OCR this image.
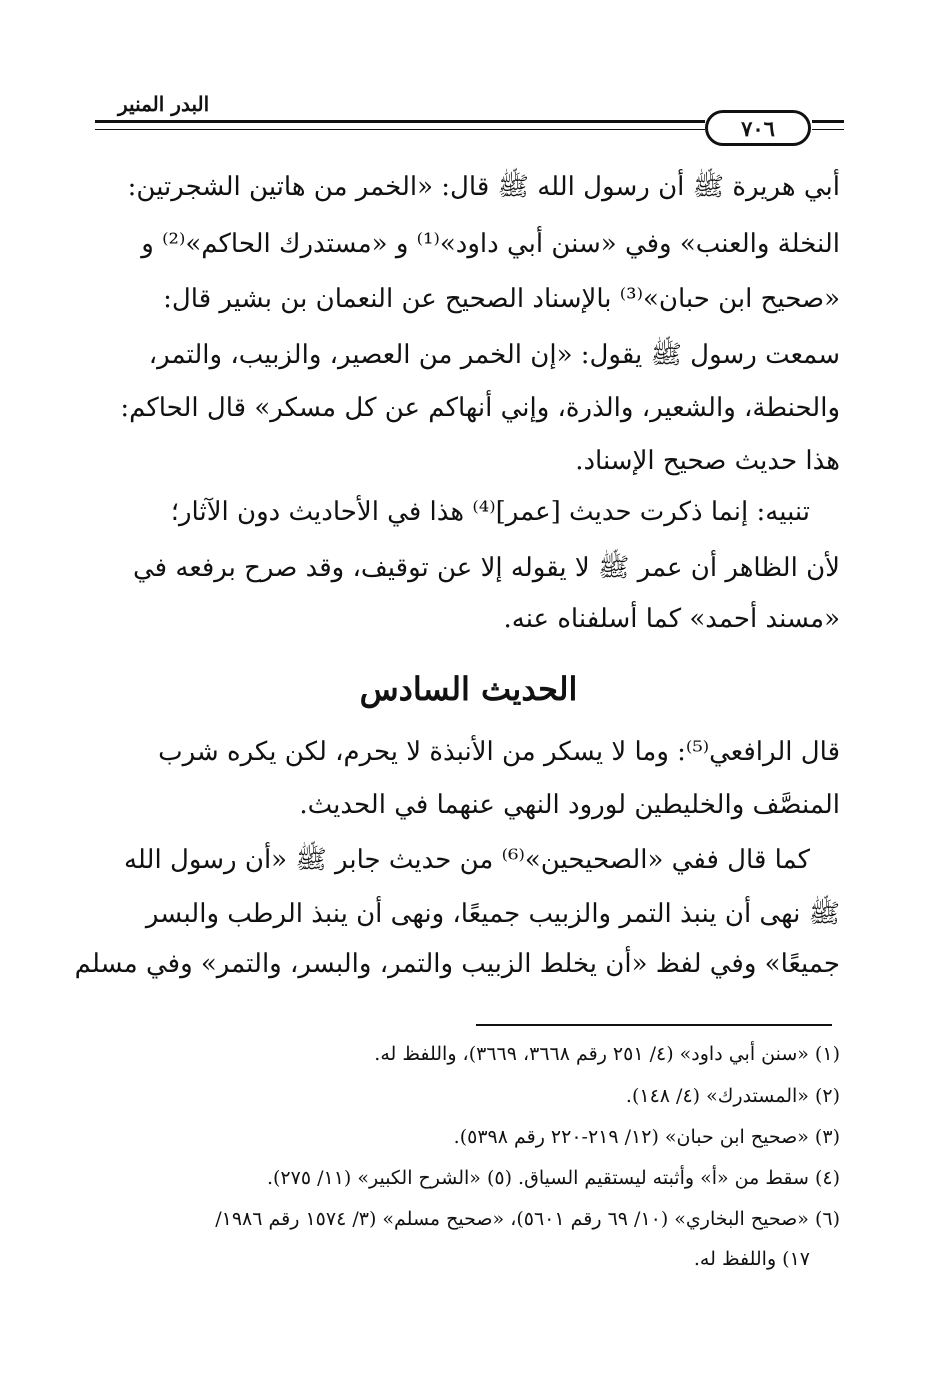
البدر المنير
٧٠٦
أبي هريرة ﷺ أن رسول الله ﷺ قال: «الخمر من هاتين الشجرتين:
النخلة والعنب» وفي «سنن أبي داود»⁽¹⁾ و «مستدرك الحاكم»⁽²⁾ و
«صحيح ابن حبان»⁽³⁾ بالإسناد الصحيح عن النعمان بن بشير قال:
سمعت رسول ﷺ يقول: «إن الخمر من العصير، والزبيب، والتمر،
والحنطة، والشعير، والذرة، وإني أنهاكم عن كل مسكر» قال الحاكم:
هذا حديث صحيح الإسناد.
تنبيه: إنما ذكرت حديث [عمر]⁽⁴⁾ هذا في الأحاديث دون الآثار؛
لأن الظاهر أن عمر ﷺ لا يقوله إلا عن توقيف، وقد صرح برفعه في
«مسند أحمد» كما أسلفناه عنه.
الحديث السادس
قال الرافعي⁽⁵⁾: وما لا يسكر من الأنبذة لا يحرم، لكن يكره شرب
المنصَّف والخليطين لورود النهي عنهما في الحديث.
كما قال ففي «الصحيحين»⁽⁶⁾ من حديث جابر ﷺ «أن رسول الله
ﷺ نهى أن ينبذ التمر والزبيب جميعًا، ونهى أن ينبذ الرطب والبسر
جميعًا» وفي لفظ «أن يخلط الزبيب والتمر، والبسر، والتمر» وفي مسلم
(١) «سنن أبي داود» (٤/ ٢٥١ رقم ٣٦٦٨، ٣٦٦٩)، واللفظ له.
(٢) «المستدرك» (٤/ ١٤٨).
(٣) «صحيح ابن حبان» (١٢/ ٢١٩-٢٢٠ رقم ٥٣٩٨).
(٤) سقط من «أ» وأثبته ليستقيم السياق. (٥) «الشرح الكبير» (١١/ ٢٧٥).
(٦) «صحيح البخاري» (١٠/ ٦٩ رقم ٥٦٠١)، «صحيح مسلم» (٣/ ١٥٧٤ رقم ١٩٨٦/
١٧) واللفظ له.
